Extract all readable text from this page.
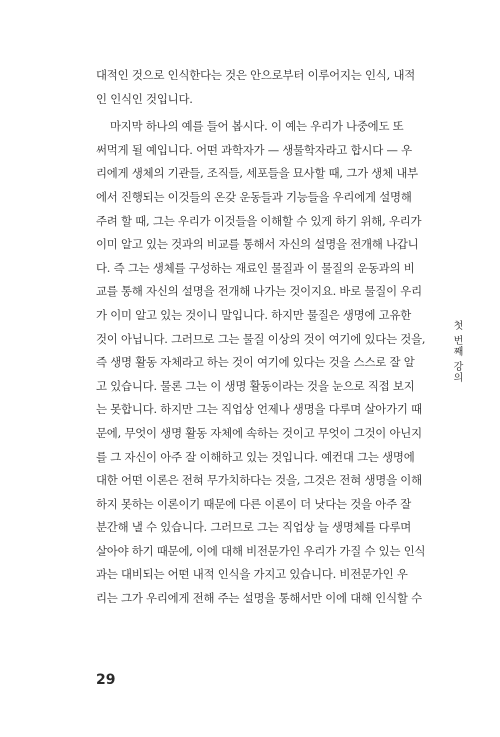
대적인 것으로 인식한다는 것은 안으로부터 이루어지는 인식, 내적
인 인식인 것입니다.
마지막 하나의 예를 들어 봅시다. 이 예는 우리가 나중에도 또
써먹게 될 예입니다. 어떤 과학자가 — 생물학자라고 합시다 — 우
리에게 생체의 기관들, 조직들, 세포들을 묘사할 때, 그가 생체 내부
에서 진행되는 이것들의 온갖 운동들과 기능들을 우리에게 설명해
주려 할 때, 그는 우리가 이것들을 이해할 수 있게 하기 위해, 우리가
이미 알고 있는 것과의 비교를 통해서 자신의 설명을 전개해 나갑니
다. 즉 그는 생체를 구성하는 재료인 물질과 이 물질의 운동과의 비
교를 통해 자신의 설명을 전개해 나가는 것이지요. 바로 물질이 우리
가 이미 알고 있는 것이니 말입니다. 하지만 물질은 생명에 고유한
것이 아닙니다. 그러므로 그는 물질 이상의 것이 여기에 있다는 것을,
즉 생명 활동 자체라고 하는 것이 여기에 있다는 것을 스스로 잘 알
고 있습니다. 물론 그는 이 생명 활동이라는 것을 눈으로 직접 보지
는 못합니다. 하지만 그는 직업상 언제나 생명을 다루며 살아가기 때
문에, 무엇이 생명 활동 자체에 속하는 것이고 무엇이 그것이 아닌지
를 그 자신이 아주 잘 이해하고 있는 것입니다. 예컨대 그는 생명에
대한 어떤 이론은 전혀 무가치하다는 것을, 그것은 전혀 생명을 이해
하지 못하는 이론이기 때문에 다른 이론이 더 낫다는 것을 아주 잘
분간해 낼 수 있습니다. 그러므로 그는 직업상 늘 생명체를 다루며
살아야 하기 때문에, 이에 대해 비전문가인 우리가 가질 수 있는 인식
과는 대비되는 어떤 내적 인식을 가지고 있습니다. 비전문가인 우
리는 그가 우리에게 전해 주는 설명을 통해서만 이에 대해 인식할 수
첫 번째 강의
29
